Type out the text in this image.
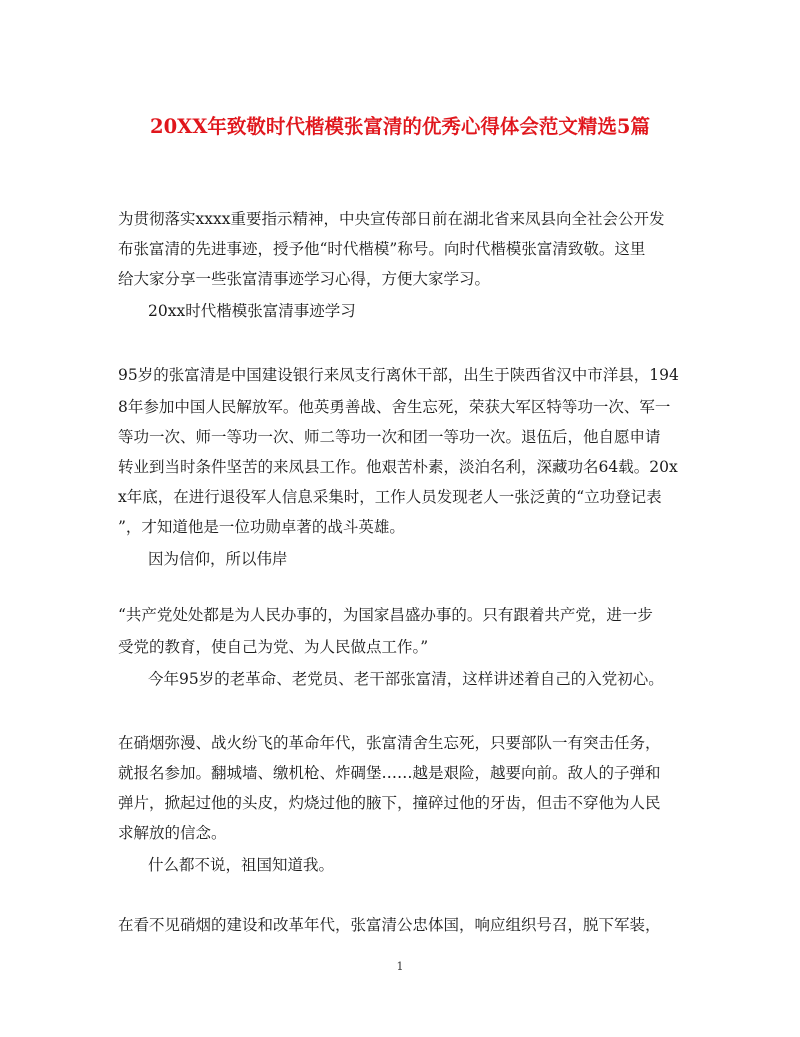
20XX年致敬时代楷模张富清的优秀心得体会范文精选5篇
为贯彻落实xxxx重要指示精神，中央宣传部日前在湖北省来凤县向全社会公开发
布张富清的先进事迹，授予他“时代楷模”称号。向时代楷模张富清致敬。这里
给大家分享一些张富清事迹学习心得，方便大家学习。
20xx时代楷模张富清事迹学习
95岁的张富清是中国建设银行来凤支行离休干部，出生于陕西省汉中市洋县，194
8年参加中国人民解放军。他英勇善战、舍生忘死，荣获大军区特等功一次、军一
等功一次、师一等功一次、师二等功一次和团一等功一次。退伍后，他自愿申请
转业到当时条件坚苦的来凤县工作。他艰苦朴素，淡泊名利，深藏功名64载。20x
x年底，在进行退役军人信息采集时，工作人员发现老人一张泛黄的“立功登记表
”，才知道他是一位功勋卓著的战斗英雄。
因为信仰，所以伟岸
“共产党处处都是为人民办事的，为国家昌盛办事的。只有跟着共产党，进一步
受党的教育，使自己为党、为人民做点工作。”
今年95岁的老革命、老党员、老干部张富清，这样讲述着自己的入党初心。
在硝烟弥漫、战火纷飞的革命年代，张富清舍生忘死，只要部队一有突击任务，
就报名参加。翻城墙、缴机枪、炸碉堡……越是艰险，越要向前。敌人的子弹和
弹片，掀起过他的头皮，灼烧过他的腋下，撞碎过他的牙齿，但击不穿他为人民
求解放的信念。
什么都不说，祖国知道我。
在看不见硝烟的建设和改革年代，张富清公忠体国，响应组织号召，脱下军装，
1
